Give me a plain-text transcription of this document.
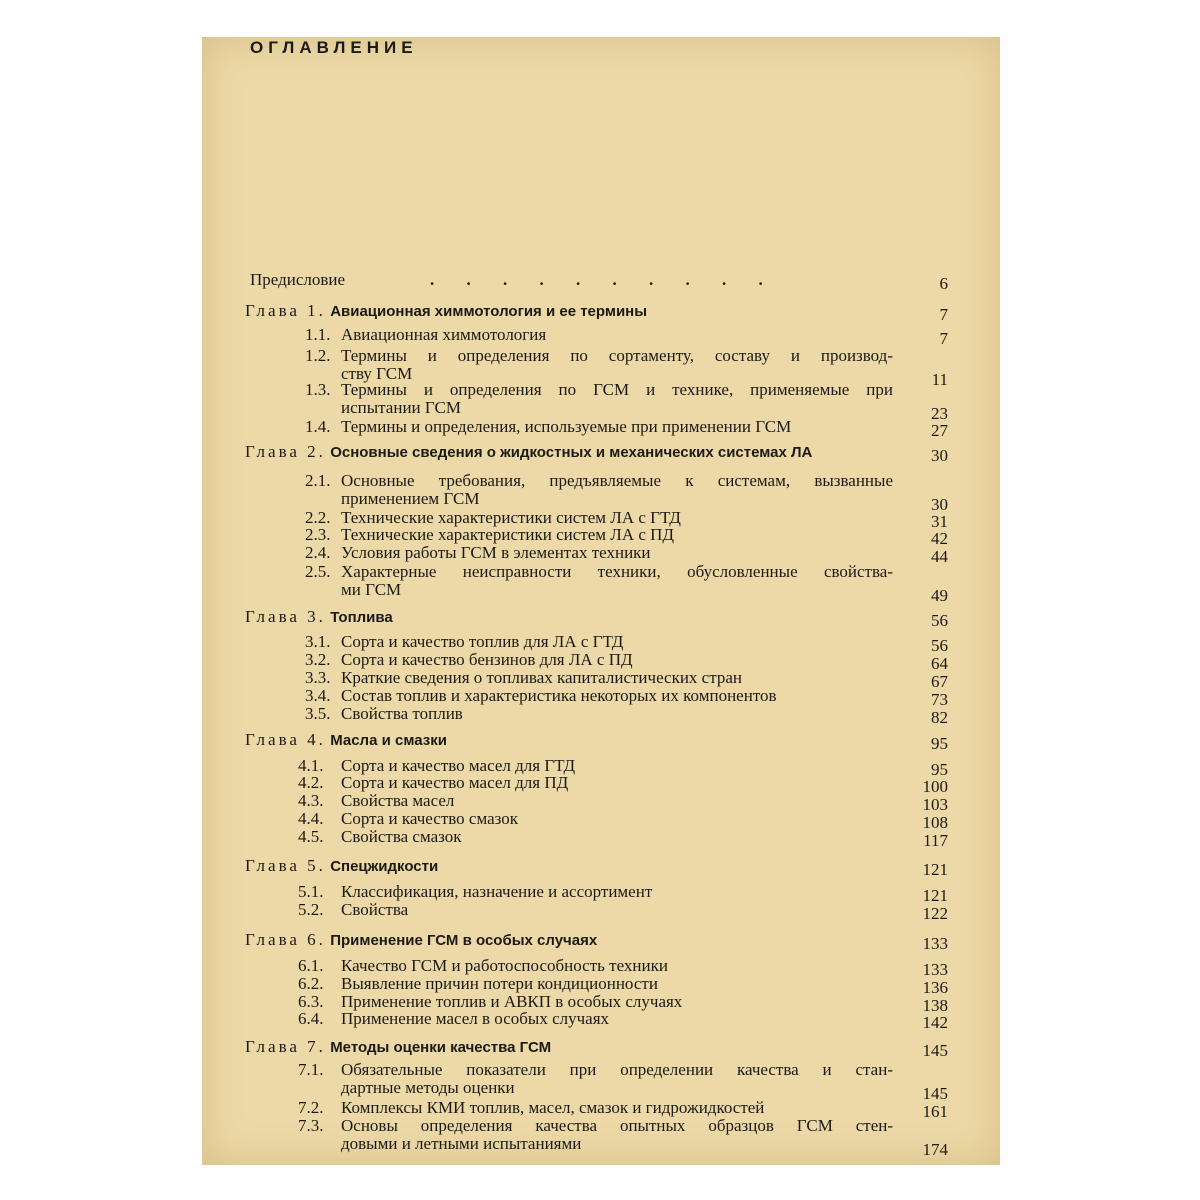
ОГЛАВЛЕНИЕ
Предисловие	. . . . . . . . . .	6
Глава 1. Авиационная химмотология и ее термины	7
1.1. Авиационная химмотология	7
1.2. Термины и определения по сортаменту, составу и производ-
ству ГСМ	11
1.3. Термины и определения по ГСМ и технике, применяемые при
испытании ГСМ	23
1.4. Термины и определения, используемые при применении ГСМ	27
Глава 2. Основные сведения о жидкостных и механических системах ЛА	30
2.1. Основные требования, предъявляемые к системам, вызванные
применением ГСМ	30
2.2. Технические характеристики систем ЛА с ГТД	31
2.3. Технические характеристики систем ЛА с ПД	42
2.4. Условия работы ГСМ в элементах техники	44
2.5. Характерные неисправности техники, обусловленные свойства-
ми ГСМ	49
Глава 3. Топлива	56
3.1. Сорта и качество топлив для ЛА с ГТД	56
3.2. Сорта и качество бензинов для ЛА с ПД	64
3.3. Краткие сведения о топливах капиталистических стран	67
3.4. Состав топлив и характеристика некоторых их компонентов	73
3.5. Свойства топлив	82
Глава 4. Масла и смазки	95
4.1. Сорта и качество масел для ГТД	95
4.2. Сорта и качество масел для ПД	100
4.3. Свойства масел	103
4.4. Сорта и качество смазок	108
4.5. Свойства смазок	117
Глава 5. Спецжидкости	121
5.1. Классификация, назначение и ассортимент	121
5.2. Свойства	122
Глава 6. Применение ГСМ в особых случаях	133
6.1. Качество ГСМ и работоспособность техники	133
6.2. Выявление причин потери кондиционности	136
6.3. Применение топлив и АВКП в особых случаях	138
6.4. Применение масел в особых случаях	142
Глава 7. Методы оценки качества ГСМ	145
7.1. Обязательные показатели при определении качества и стан-
дартные методы оценки	145
7.2. Комплексы КМИ топлив, масел, смазок и гидрожидкостей	161
7.3. Основы определения качества опытных образцов ГСМ стен-
довыми и летными испытаниями	174
